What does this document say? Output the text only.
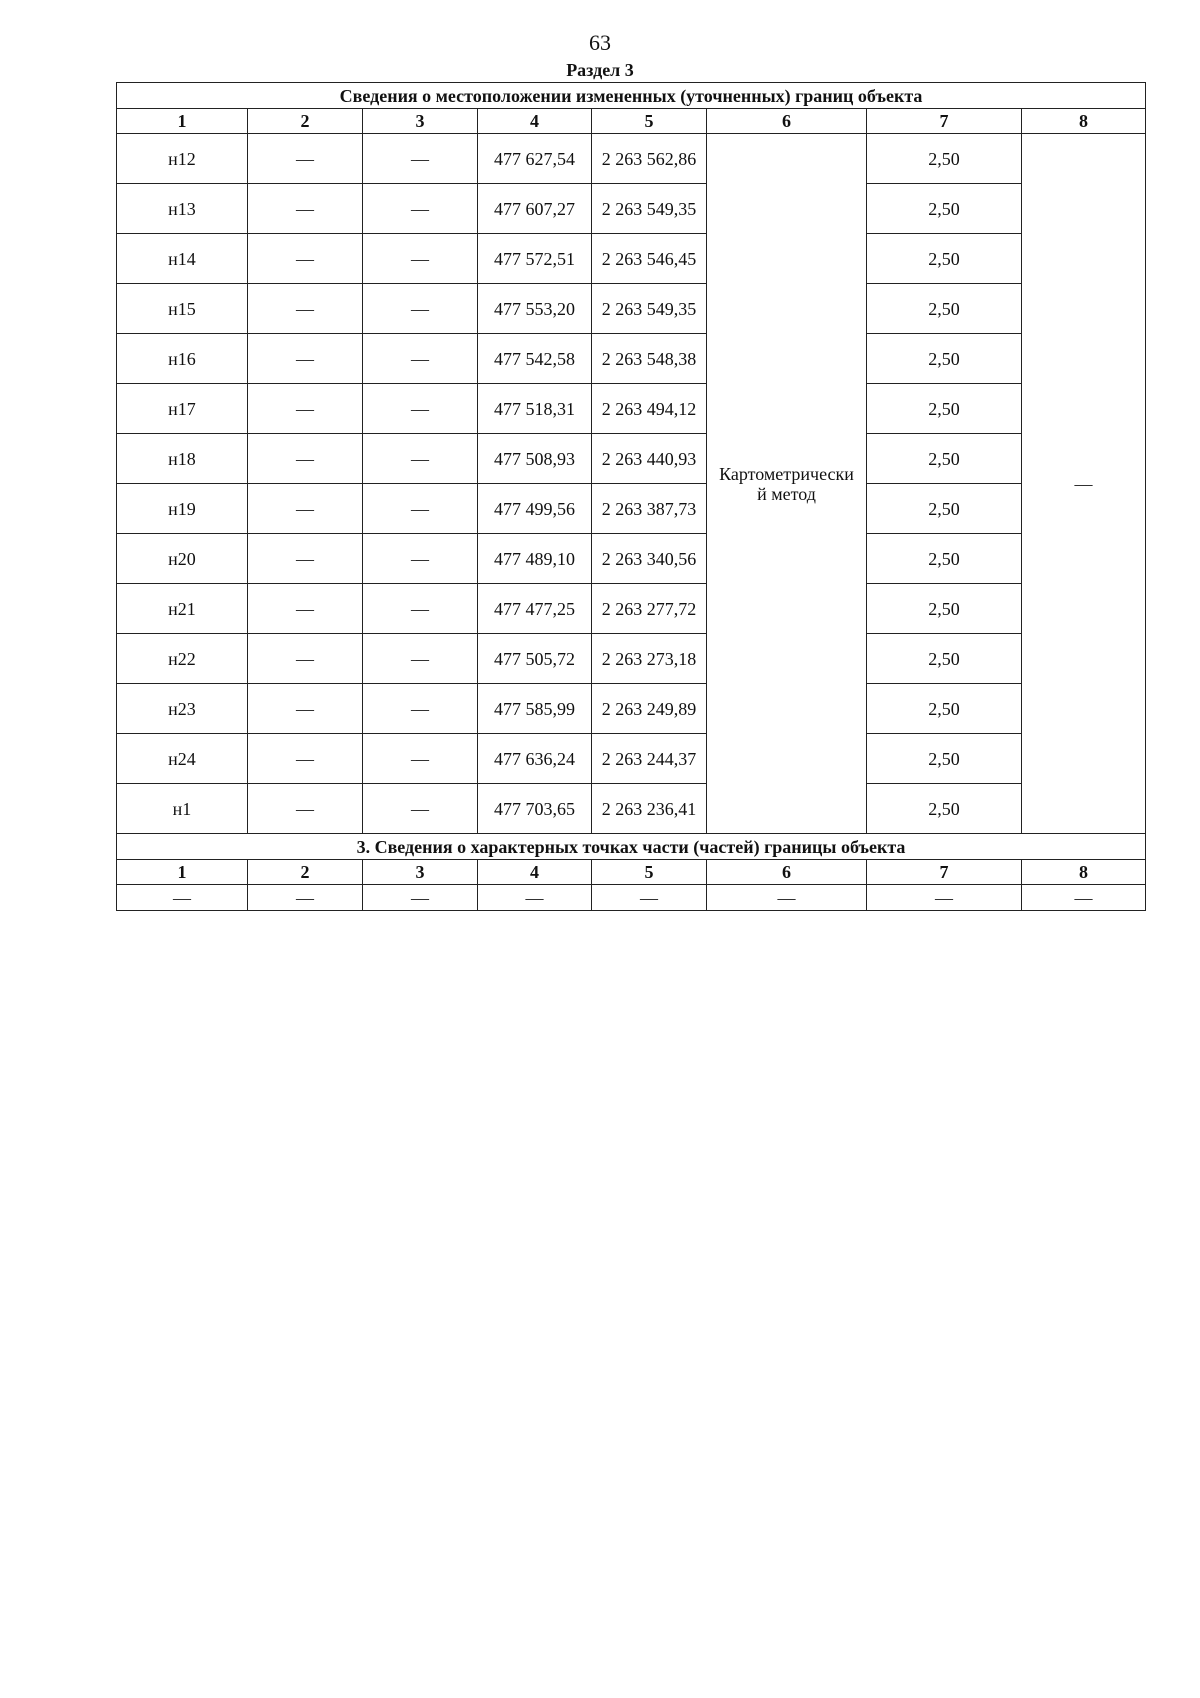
63
Раздел 3
Сведения о местоположении измененных (уточненных) границ объекта							
1	2	3	4	5	6	7	8
н12	—	—	477 627,54	2 263 562,86	Картометрически
й метод	2,50	—
н13	—	—	477 607,27	2 263 549,35		2,50	
н14	—	—	477 572,51	2 263 546,45		2,50	
н15	—	—	477 553,20	2 263 549,35		2,50	
н16	—	—	477 542,58	2 263 548,38		2,50	
н17	—	—	477 518,31	2 263 494,12		2,50	
н18	—	—	477 508,93	2 263 440,93		2,50	
н19	—	—	477 499,56	2 263 387,73		2,50	
н20	—	—	477 489,10	2 263 340,56		2,50	
н21	—	—	477 477,25	2 263 277,72		2,50	
н22	—	—	477 505,72	2 263 273,18		2,50	
н23	—	—	477 585,99	2 263 249,89		2,50	
н24	—	—	477 636,24	2 263 244,37		2,50	
н1	—	—	477 703,65	2 263 236,41		2,50	
3. Сведения о характерных точках части (частей) границы объекта							
1	2	3	4	5	6	7	8
—	—	—	—	—	—	—	—
